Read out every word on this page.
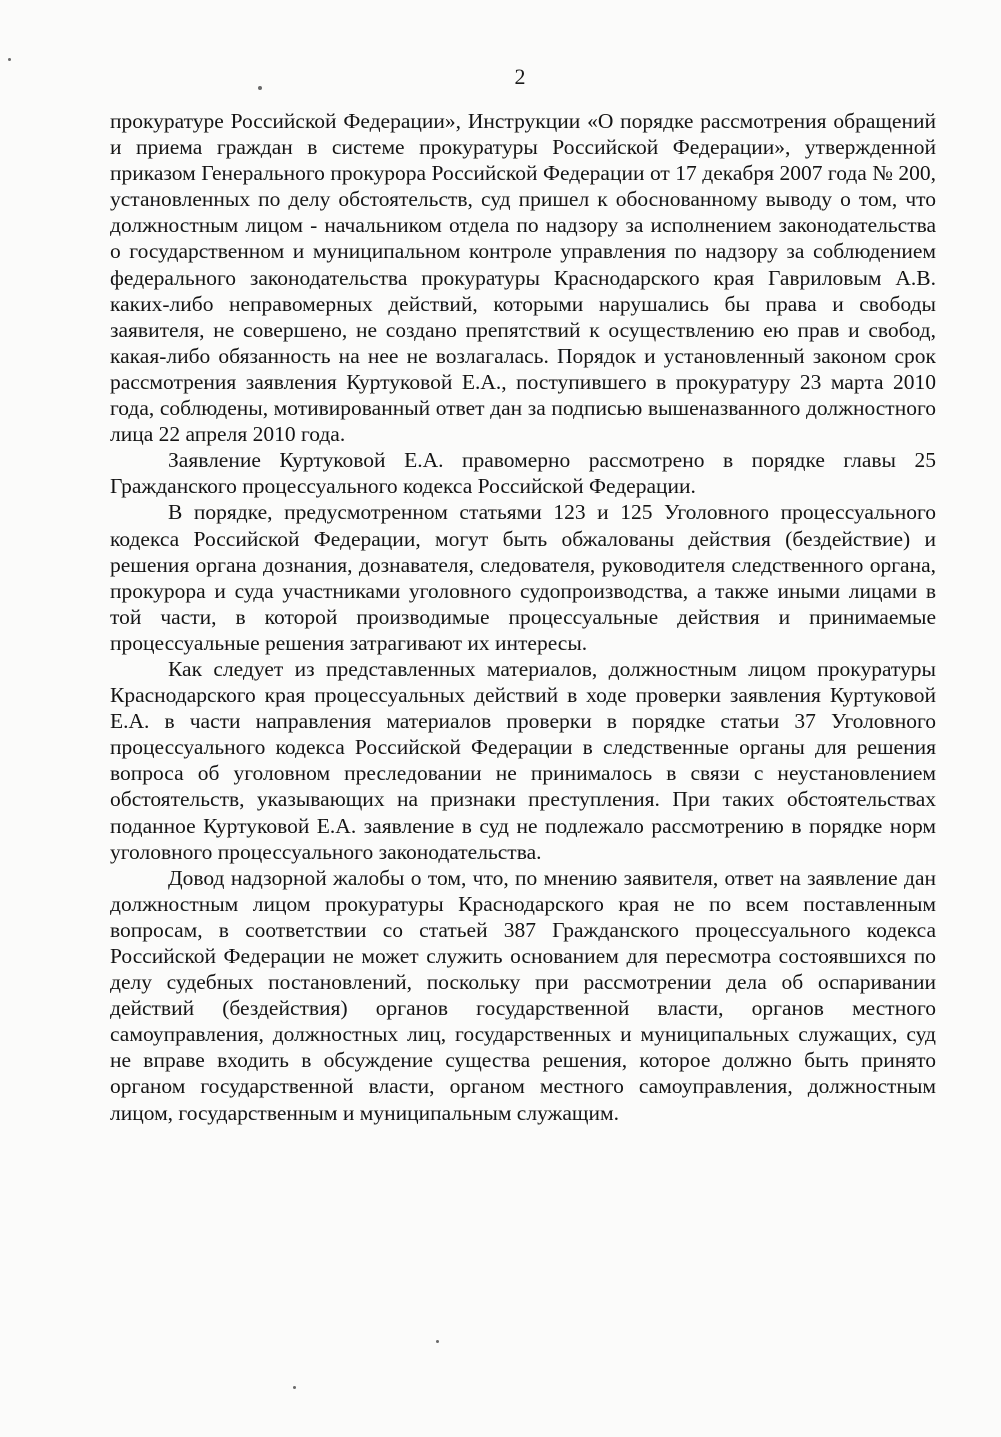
2

прокуратуре Российской Федерации», Инструкции «О порядке рассмотрения обращений и приема граждан в системе прокуратуры Российской Федерации», утвержденной приказом Генерального прокурора Российской Федерации от 17 декабря 2007 года № 200, установленных по делу обстоятельств, суд пришел к обоснованному выводу о том, что должностным лицом - начальником отдела по надзору за исполнением законодательства о государственном и муниципальном контроле управления по надзору за соблюдением федерального законодательства прокуратуры Краснодарского края Гавриловым А.В. каких-либо неправомерных действий, которыми нарушались бы права и свободы заявителя, не совершено, не создано препятствий к осуществлению ею прав и свобод, какая-либо обязанность на нее не возлагалась. Порядок и установленный законом срок рассмотрения заявления Куртуковой Е.А., поступившего в прокуратуру 23 марта 2010 года, соблюдены, мотивированный ответ дан за подписью вышеназванного должностного лица 22 апреля 2010 года.

Заявление Куртуковой Е.А. правомерно рассмотрено в порядке главы 25 Гражданского процессуального кодекса Российской Федерации.

В порядке, предусмотренном статьями 123 и 125 Уголовного процессуального кодекса Российской Федерации, могут быть обжалованы действия (бездействие) и решения органа дознания, дознавателя, следователя, руководителя следственного органа, прокурора и суда участниками уголовного судопроизводства, а также иными лицами в той части, в которой производимые процессуальные действия и принимаемые процессуальные решения затрагивают их интересы.

Как следует из представленных материалов, должностным лицом прокуратуры Краснодарского края процессуальных действий в ходе проверки заявления Куртуковой Е.А. в части направления материалов проверки в порядке статьи 37 Уголовного процессуального кодекса Российской Федерации в следственные органы для решения вопроса об уголовном преследовании не принималось в связи с неустановлением обстоятельств, указывающих на признаки преступления. При таких обстоятельствах поданное Куртуковой Е.А. заявление в суд не подлежало рассмотрению в порядке норм уголовного процессуального законодательства.

Довод надзорной жалобы о том, что, по мнению заявителя, ответ на заявление дан должностным лицом прокуратуры Краснодарского края не по всем поставленным вопросам, в соответствии со статьей 387 Гражданского процессуального кодекса Российской Федерации не может служить основанием для пересмотра состоявшихся по делу судебных постановлений, поскольку при рассмотрении дела об оспаривании действий (бездействия) органов государственной власти, органов местного самоуправления, должностных лиц, государственных и муниципальных служащих, суд не вправе входить в обсуждение существа решения, которое должно быть принято органом государственной власти, органом местного самоуправления, должностным лицом, государственным и муниципальным служащим.
